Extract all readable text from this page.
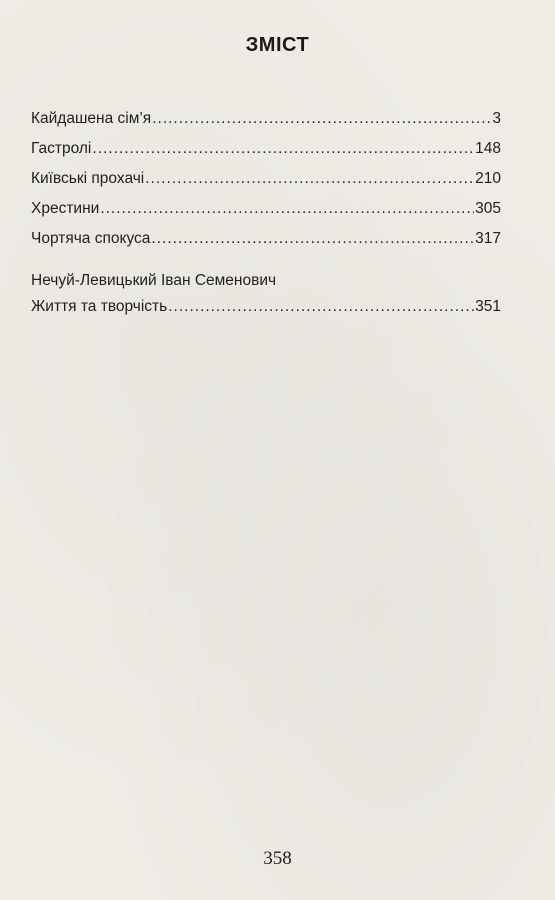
ЗМІСТ
Кайдашена сім’я .....	3
Гастролі .....	148
Київські прохачі .....	210
Хрестини .....	305
Чортяча спокуса .....	317
Нечуй-Левицький Іван Семенович
Життя та творчість .....	351
358
